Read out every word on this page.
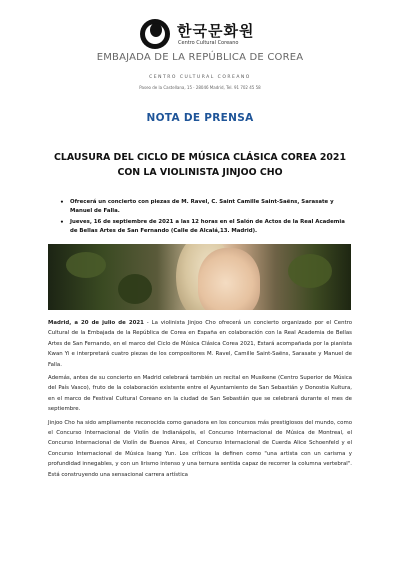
한국문화원
Centro Cultural Coreano
EMBAJADA DE LA REPÚBLICA DE COREA
CENTRO CULTURAL COREANO
Paseo de la Castellana, 15 · 28046 Madrid, Tel. 91 702 45 58
NOTA DE PRENSA
CLAUSURA DEL CICLO DE MÚSICA CLÁSICA COREA 2021 CON LA VIOLINISTA JINJOO CHO
• Ofrecerá un concierto con piezas de M. Ravel, C. Saint Camille Saint-Saëns, Sarasate y Manuel de Falla.
• Jueves, 16 de septiembre de 2021 a las 12 horas en el Salón de Actos de la Real Academia de Bellas Artes de San Fernando (Calle de Alcalá,13. Madrid).

Madrid, a 20 de julio de 2021 - La violinista Jinjoo Cho ofrecerá un concierto organizado por el Centro Cultural de la Embajada de la República de Corea en España en colaboración con la Real Academia de Bellas Artes de San Fernando, en el marco del Ciclo de Música Clásica Corea 2021, Estará acompañada por la pianista Kwan Yi e interpretará cuatro piezas de los compositores M. Ravel, Camille Saint-Saëns, Sarasate y Manuel de Falla.

Además, antes de su concierto en Madrid celebrará también un recital en Musikene (Centro Superior de Música del País Vasco), fruto de la colaboración existente entre el Ayuntamiento de San Sebastián y Donostia Kultura, en el marco de Festival Cultural Coreano en la ciudad de San Sebastián que se celebrará durante el mes de septiembre.

Jinjoo Cho ha sido ampliamente reconocida como ganadora en los concursos más prestigiosos del mundo, como el Concurso Internacional de Violín de Indianápolis, el Concurso Internacional de Música de Montreal, el Concurso Internacional de Violín de Buenos Aires, el Concurso Internacional de Cuerda Alice Schoenfeld y el Concurso Internacional de Música Isang Yun. Los críticos la definen como "una artista con un carisma y profundidad innegables, y con un lirismo intenso y una ternura sentida capaz de recorrer la columna vertebral". Está construyendo una sensacional carrera artística
